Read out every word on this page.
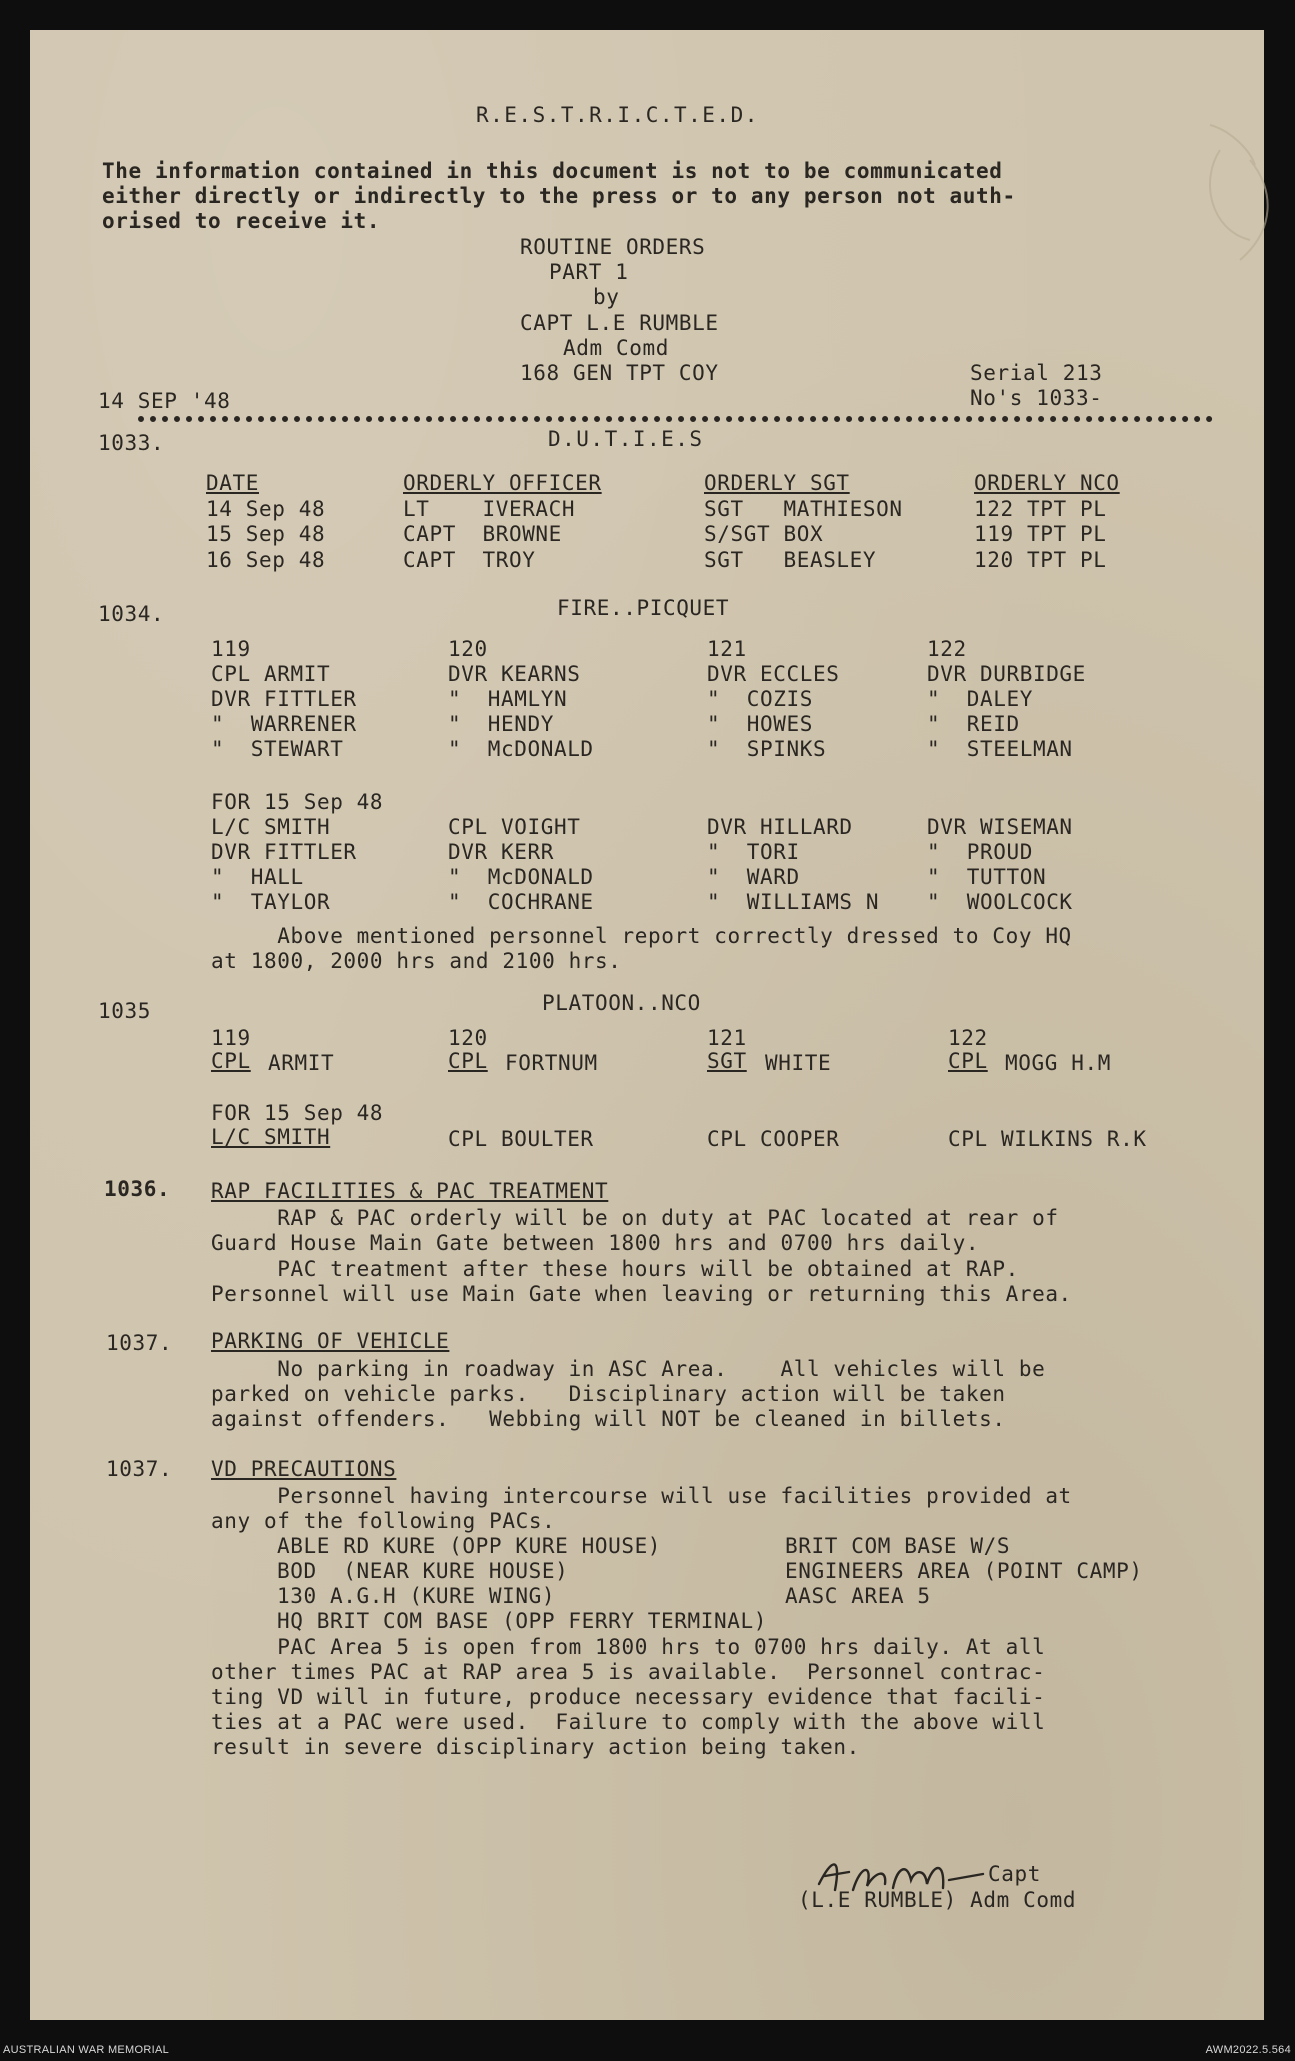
R.E.S.T.R.I.C.T.E.D.
The information contained in this document is not to be communicated
either directly or indirectly to the press or to any person not auth-
orised to receive it.
ROUTINE ORDERS
PART 1
by
CAPT L.E RUMBLE
Adm Comd
168 GEN TPT COY	Serial 213
No's 1033-
14 SEP '48
1033.	D.U.T.I.E.S
DATE	ORDERLY OFFICER	ORDERLY SGT	ORDERLY NCO
14 Sep 48	LT    IVERACH	SGT   MATHIESON	122 TPT PL
15 Sep 48	CAPT  BROWNE	S/SGT BOX	119 TPT PL
16 Sep 48	CAPT  TROY	SGT   BEASLEY	120 TPT PL
1034.	FIRE..PICQUET
119	120	121	122
CPL ARMIT	DVR KEARNS	DVR ECCLES	DVR DURBIDGE
DVR FITTLER	"  HAMLYN	"  COZIS	"  DALEY
"  WARRENER	"  HENDY	"  HOWES	"  REID
"  STEWART	"  McDONALD	"  SPINKS	"  STEELMAN
FOR 15 Sep 48
L/C SMITH	CPL VOIGHT	DVR HILLARD	DVR WISEMAN
DVR FITTLER	DVR KERR	"  TORI	"  PROUD
"  HALL	"  McDONALD	"  WARD	"  TUTTON
"  TAYLOR	"  COCHRANE	"  WILLIAMS N "  WOOLCOCK
Above mentioned personnel report correctly dressed to Coy HQ
at 1800, 2000 hrs and 2100 hrs.
1035	PLATOON..NCO
119	120	121	122
CPL ARMIT	CPL FORTNUM	SGT WHITE	CPL MOGG H.M
FOR 15 Sep 48
L/C SMITH	CPL BOULTER	CPL COOPER	CPL WILKINS R.K
1036. RAP FACILITIES & PAC TREATMENT
RAP & PAC orderly will be on duty at PAC located at rear of
Guard House Main Gate between 1800 hrs and 0700 hrs daily.
PAC treatment after these hours will be obtained at RAP.
Personnel will use Main Gate when leaving or returning this Area.
1037. PARKING OF VEHICLE
No parking in roadway in ASC Area.    All vehicles will be
parked on vehicle parks.   Disciplinary action will be taken
against offenders.   Webbing will NOT be cleaned in billets.
1037. VD PRECAUTIONS
Personnel having intercourse will use facilities provided at
any of the following PACs.
ABLE RD KURE (OPP KURE HOUSE)
BOD  (NEAR KURE HOUSE)
130 A.G.H (KURE WING)
HQ BRIT COM BASE (OPP FERRY TERMINAL)
BRIT COM BASE W/S
ENGINEERS AREA (POINT CAMP)
AASC AREA 5
PAC Area 5 is open from 1800 hrs to 0700 hrs daily. At all
other times PAC at RAP area 5 is available.  Personnel contrac-
ting VD will in future, produce necessary evidence that facili-
ties at a PAC were used.  Failure to comply with the above will
result in severe disciplinary action being taken.
Capt
(L.E RUMBLE) Adm Comd
AUSTRALIAN WAR MEMORIAL	AWM2022.5.564
